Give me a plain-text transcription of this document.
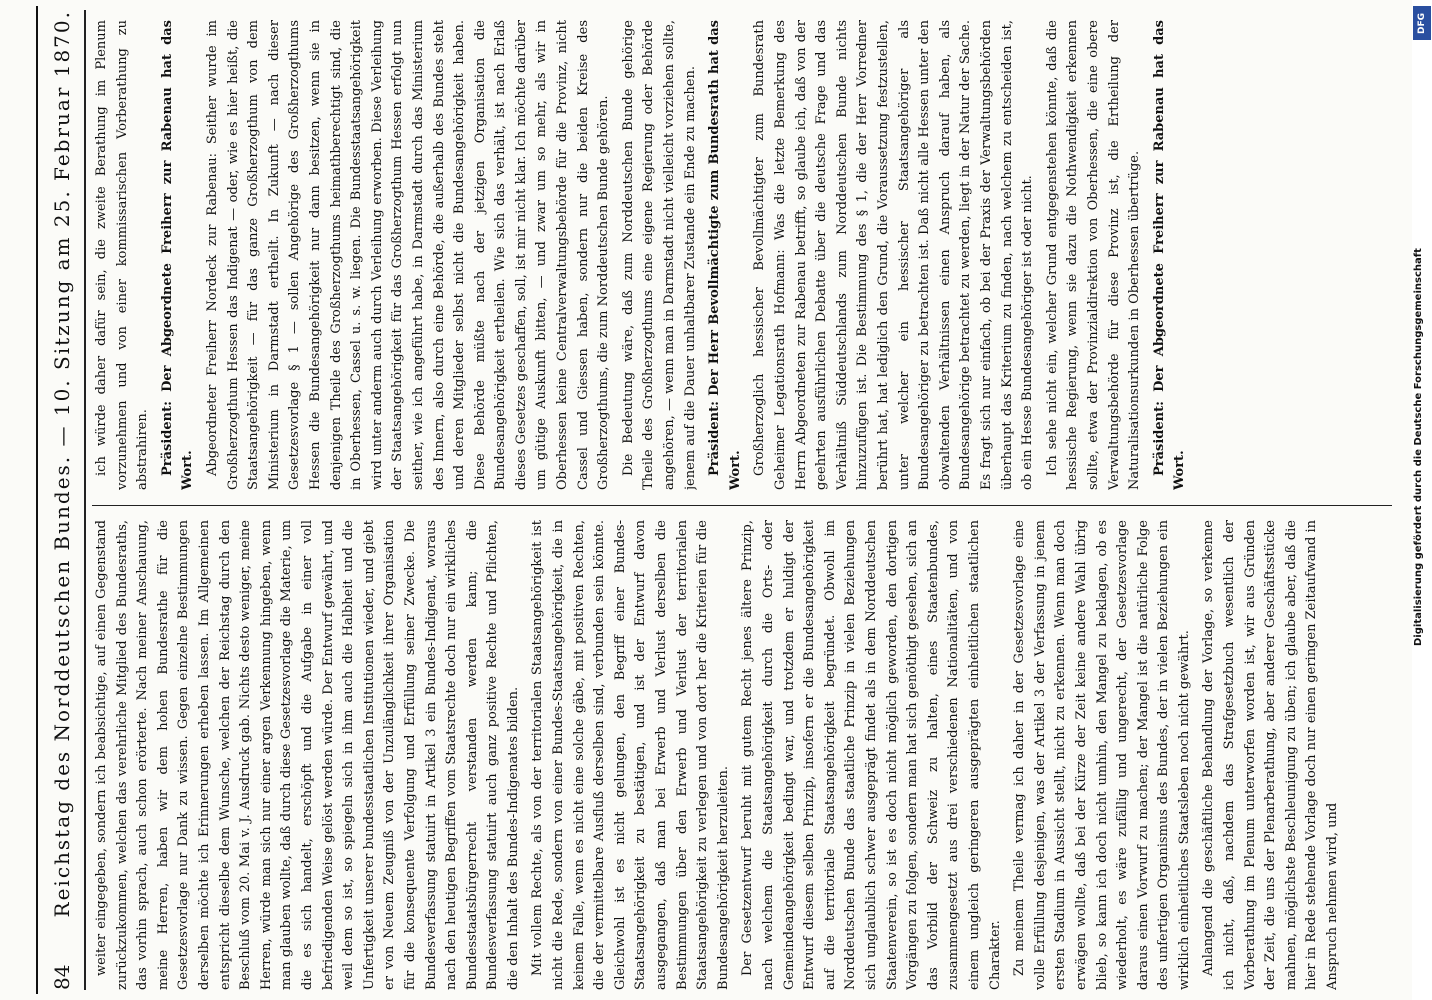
84
Reichstag des Norddeutschen Bundes. — 10. Sitzung am 25. Februar 1870. weiter eingegeben, sondern ich beabsichtige, auf einen Gegenstand zurückzukommen, welchen das verehrliche Mitglied des Bundesraths, das vorhin sprach, auch schon erörterte. Nach meiner Anschauung, meine Herren, haben wir dem hohen Bundesrathe für die Gesetzesvorlage nur Dank zu wissen. Gegen einzelne Bestimmungen derselben möchte ich Erinnerungen erheben lassen. Im Allgemeinen entspricht dieselbe dem Wunsche, welchen der Reichstag durch den Beschluß vom 20. Mai v. J. Ausdruck gab. Nichts desto weniger, meine Herren, würde man sich nur einer argen Verkennung hingeben, wenn man glauben wollte, daß durch diese Gesetzesvorlage die Materie, um die es sich handelt, erschöpft und die Aufgabe in einer voll befriedigenden Weise gelöst werden würde. Der Entwurf gewährt, und weil dem so ist, so spiegeln sich in ihm auch die Halbheit und die Unfertigkeit unserer bundesstaatlichen Institutionen wieder, und giebt er von Neuem Zeugniß von der Unzulänglichkeit ihrer Organisation für die konsequente Verfolgung und Erfüllung seiner Zwecke. Die Bundesverfassung statuirt in Artikel 3 ein Bundes-Indigenat, woraus nach den heutigen Begriffen vom Staatsrechte doch nur ein wirkliches Bundesstaatsbürgerrecht verstanden werden kann; die Bundesverfassung statuirt auch ganz positive Rechte und Pflichten, die den Inhalt des Bundes-Indigenates bilden. Mit vollem Rechte, als von der territorialen Staatsangehörigkeit ist nicht die Rede, sondern von einer Bundes-Staatsangehörigkeit, die in keinem Falle, wenn es nicht eine solche gäbe, mit positiven Rechten, die der vermittelbare Ausfluß derselben sind, verbunden sein könnte. Gleichwohl ist es nicht gelungen, den Begriff einer Bundes-Staatsangehörigkeit zu bestätigen, und ist der Entwurf davon ausgegangen, daß man bei Erwerb und Verlust derselben die Bestimmungen über den Erwerb und Verlust der territorialen Staatsangehörigkeit zu verlegen und von dort her die Kriterien für die Bundesangehörigkeit herzuleiten. Der Gesetzentwurf beruht mit gutem Recht jenes ältere Prinzip, nach welchem die Staatsangehörigkeit durch die Orts- oder Gemeindeangehörigkeit bedingt war, und trotzdem er huldigt der Entwurf diesem selben Prinzip, insofern er die Bundesangehörigkeit auf die territoriale Staatsangehörigkeit begründet. Obwohl im Norddeutschen Bunde das staatliche Prinzip in vielen Beziehungen sich unglaublich schwer ausgeprägt findet als in dem Norddeutschen Staatenverein, so ist es doch nicht möglich geworden, den dortigen Vorgängen zu folgen, sondern man hat sich genöthigt gesehen, sich an das Vorbild der Schweiz zu halten, eines Staatenbundes, zusammengesetzt aus drei verschiedenen Nationalitäten, und von einem ungleich geringeren ausgeprägten einheitlichen staatlichen Charakter. Zu meinem Theile vermag ich daher in der Gesetzesvorlage eine volle Erfüllung desjenigen, was der Artikel 3 der Verfassung in jenem ersten Stadium in Aussicht stellt, nicht zu erkennen. Wenn man doch erwägen wollte, daß bei der Kürze der Zeit keine andere Wahl übrig blieb, so kann ich doch nicht umhin, den Mangel zu beklagen, ob es wiederholt, es wäre zufällig und ungerecht, der Gesetzesvorlage daraus einen Vorwurf zu machen; der Mangel ist die natürliche Folge des unfertigen Organismus des Bundes, der in vielen Beziehungen ein wirklich einheitliches Staatsleben noch nicht gewährt. Anlangend die geschäftliche Behandlung der Vorlage, so verkenne ich nicht, daß, nachdem das Strafgesetzbuch wesentlich der Vorberathung im Plenum unterworfen worden ist, wir aus Gründen der Zeit, die uns der Plenarberathung, aber anderer Geschäftsstücke mahnen, möglichste Beschleunigung zu üben; ich glaube aber, daß die hier in Rede stehende Vorlage doch nur einen geringen Zeitaufwand in Anspruch nehmen wird, und

ich würde daher dafür sein, die zweite Berathung im Plenum vorzunehmen und von einer kommissarischen Vorberathung zu abstrahiren. Präsident: Der Abgeordnete Freiherr zur Rabenau hat das Wort. Abgeordneter Freiherr Nordeck zur Rabenau: Seither wurde im Großherzogthum Hessen das Indigenat — oder, wie es hier heißt, die Staatsangehörigkeit — für das ganze Großherzogthum von dem Ministerium in Darmstadt ertheilt. In Zukunft — nach dieser Gesetzesvorlage § 1 — sollen Angehörige des Großherzogthums Hessen die Bundesangehörigkeit nur dann besitzen, wenn sie in denjenigen Theile des Großherzogthums heimathberechtigt sind, die in Oberhessen, Cassel u. s. w. liegen. Die Bundesstaatsangehörigkeit wird unter anderm auch durch Verleihung erworben. Diese Verleihung der Staatsangehörigkeit für das Großherzogthum Hessen erfolgt nun seither, wie ich angeführt habe, in Darmstadt durch das Ministerium des Innern, also durch eine Behörde, die außerhalb des Bundes steht und deren Mitglieder selbst nicht die Bundesangehörigkeit haben. Diese Behörde müßte nach der jetzigen Organisation die Bundesangehörigkeit ertheilen. Wie sich das verhält, ist nach Erlaß dieses Gesetzes geschaffen, soll, ist mir nicht klar. Ich möchte darüber um gütige Auskunft bitten, — und zwar um so mehr, als wir in Oberhessen keine Centralverwaltungsbehörde für die Provinz, nicht Cassel und Giessen haben, sondern nur die beiden Kreise des Großherzogthums, die zum Norddeutschen Bunde gehören. Die Bedeutung wäre, daß zum Norddeutschen Bunde gehörige Theile des Großherzogthums eine eigene Regierung oder Behörde angehören, — wenn man in Darmstadt nicht vielleicht vorziehen sollte, jenem auf die Dauer unhaltbarer Zustande ein Ende zu machen. Präsident: Der Herr Bevollmächtigte zum Bundesrath hat das Wort. Großherzoglich hessischer Bevollmächtigter zum Bundesrath Geheimer Legationsrath Hofmann: Was die letzte Bemerkung des Herrn Abgeordneten zur Rabenau betrifft, so glaube ich, daß von der geehrten ausführlichen Debatte über die deutsche Frage und das Verhältniß Süddeutschlands zum Norddeutschen Bunde nichts hinzuzufügen ist. Die Bestimmung des § 1, die der Herr Vorredner berührt hat, hat lediglich den Grund, die Voraussetzung festzustellen, unter welcher ein hessischer Staatsangehöriger als Bundesangehöriger zu betrachten ist. Daß nicht alle Hessen unter den obwaltenden Verhältnissen einen Anspruch darauf haben, als Bundesangehörige betrachtet zu werden, liegt in der Natur der Sache. Es fragt sich nur einfach, ob bei der Praxis der Verwaltungsbehörden überhaupt das Kriterium zu finden, nach welchem zu entscheiden ist, ob ein Hesse Bundesangehöriger ist oder nicht. Ich sehe nicht ein, welcher Grund entgegenstehen könnte, daß die hessische Regierung, wenn sie dazu die Nothwendigkeit erkennen sollte, etwa der Provinzialdirektion von Oberhessen, die eine obere Verwaltungsbehörde für diese Provinz ist, die Ertheilung der Naturalisationsurkunden in Oberhessen übertrüge. Präsident: Der Abgeordnete Freiherr zur Rabenau hat das Wort.

DFG
Digitalisierung gefördert durch die Deutsche Forschungsgemeinschaft
